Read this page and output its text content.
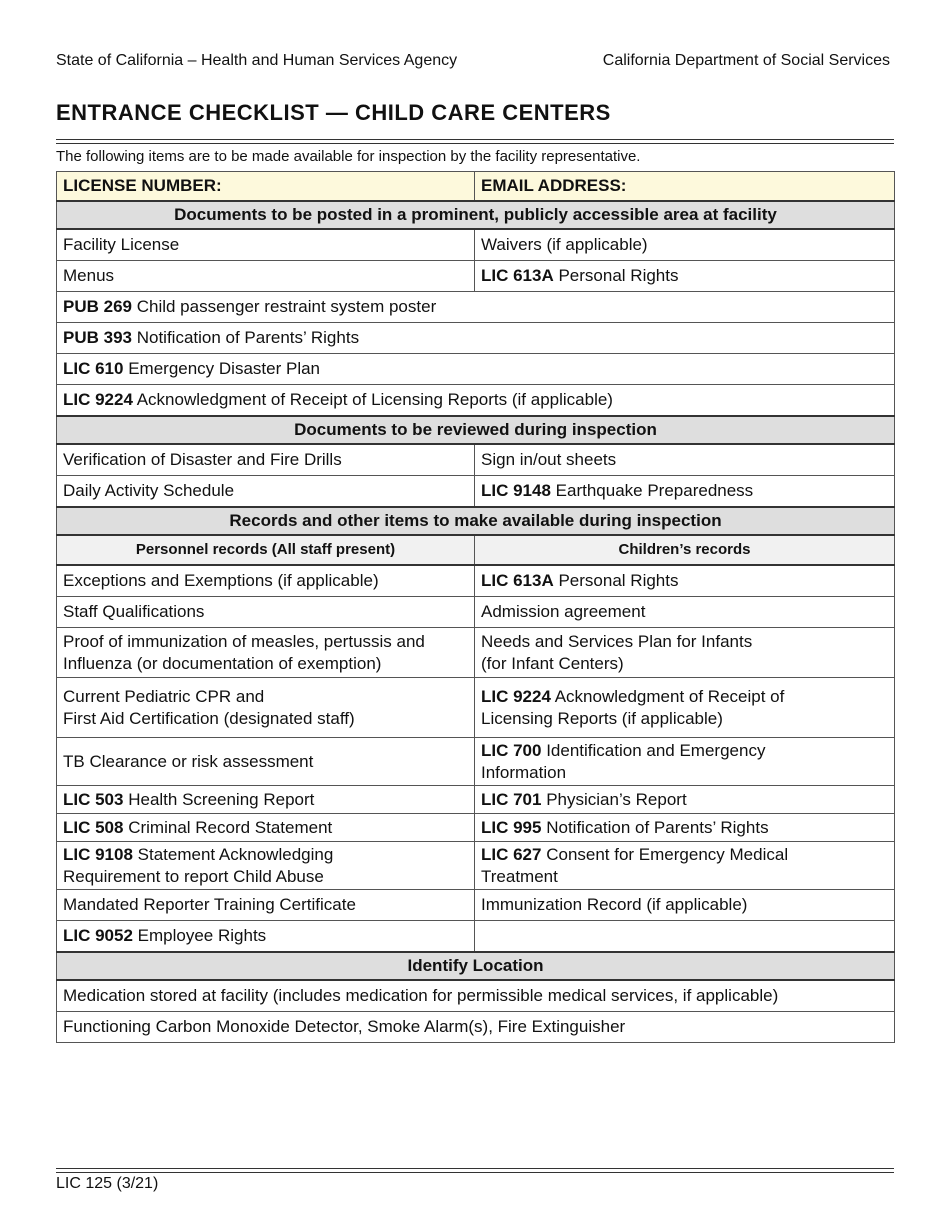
State of California – Health and Human Services Agency	California Department of Social Services
ENTRANCE CHECKLIST — CHILD CARE CENTERS
The following items are to be made available for inspection by the facility representative.
LICENSE NUMBER:	EMAIL ADDRESS:
Documents to be posted in a prominent, publicly accessible area at facility	
Facility License	Waivers (if applicable)
Menus	LIC 613A Personal Rights
PUB 269 Child passenger restraint system poster	
PUB 393 Notification of Parents’ Rights	
LIC 610 Emergency Disaster Plan	
LIC 9224 Acknowledgment of Receipt of Licensing Reports (if applicable)	
Documents to be reviewed during inspection	
Verification of Disaster and Fire Drills	Sign in/out sheets
Daily Activity Schedule	LIC 9148 Earthquake Preparedness
Records and other items to make available during inspection	
Personnel records (All staff present)	Children’s records
Exceptions and Exemptions (if applicable)	LIC 613A Personal Rights
Staff Qualifications	Admission agreement
Proof of immunization of measles, pertussis and
Influenza (or documentation of exemption)	Needs and Services Plan for Infants
(for Infant Centers)
Current Pediatric CPR and
First Aid Certification (designated staff)	LIC 9224 Acknowledgment of Receipt of
Licensing Reports (if applicable)
TB Clearance or risk assessment	LIC 700 Identification and Emergency
Information
LIC 503 Health Screening Report	LIC 701 Physician’s Report
LIC 508 Criminal Record Statement	LIC 995 Notification of Parents’ Rights
LIC 9108 Statement Acknowledging
Requirement to report Child Abuse	LIC 627 Consent for Emergency Medical
Treatment
Mandated Reporter Training Certificate	Immunization Record (if applicable)
LIC 9052 Employee Rights	
Identify Location	
Medication stored at facility (includes medication for permissible medical services, if applicable)	
Functioning Carbon Monoxide Detector, Smoke Alarm(s), Fire Extinguisher	
LIC 125 (3/21)
